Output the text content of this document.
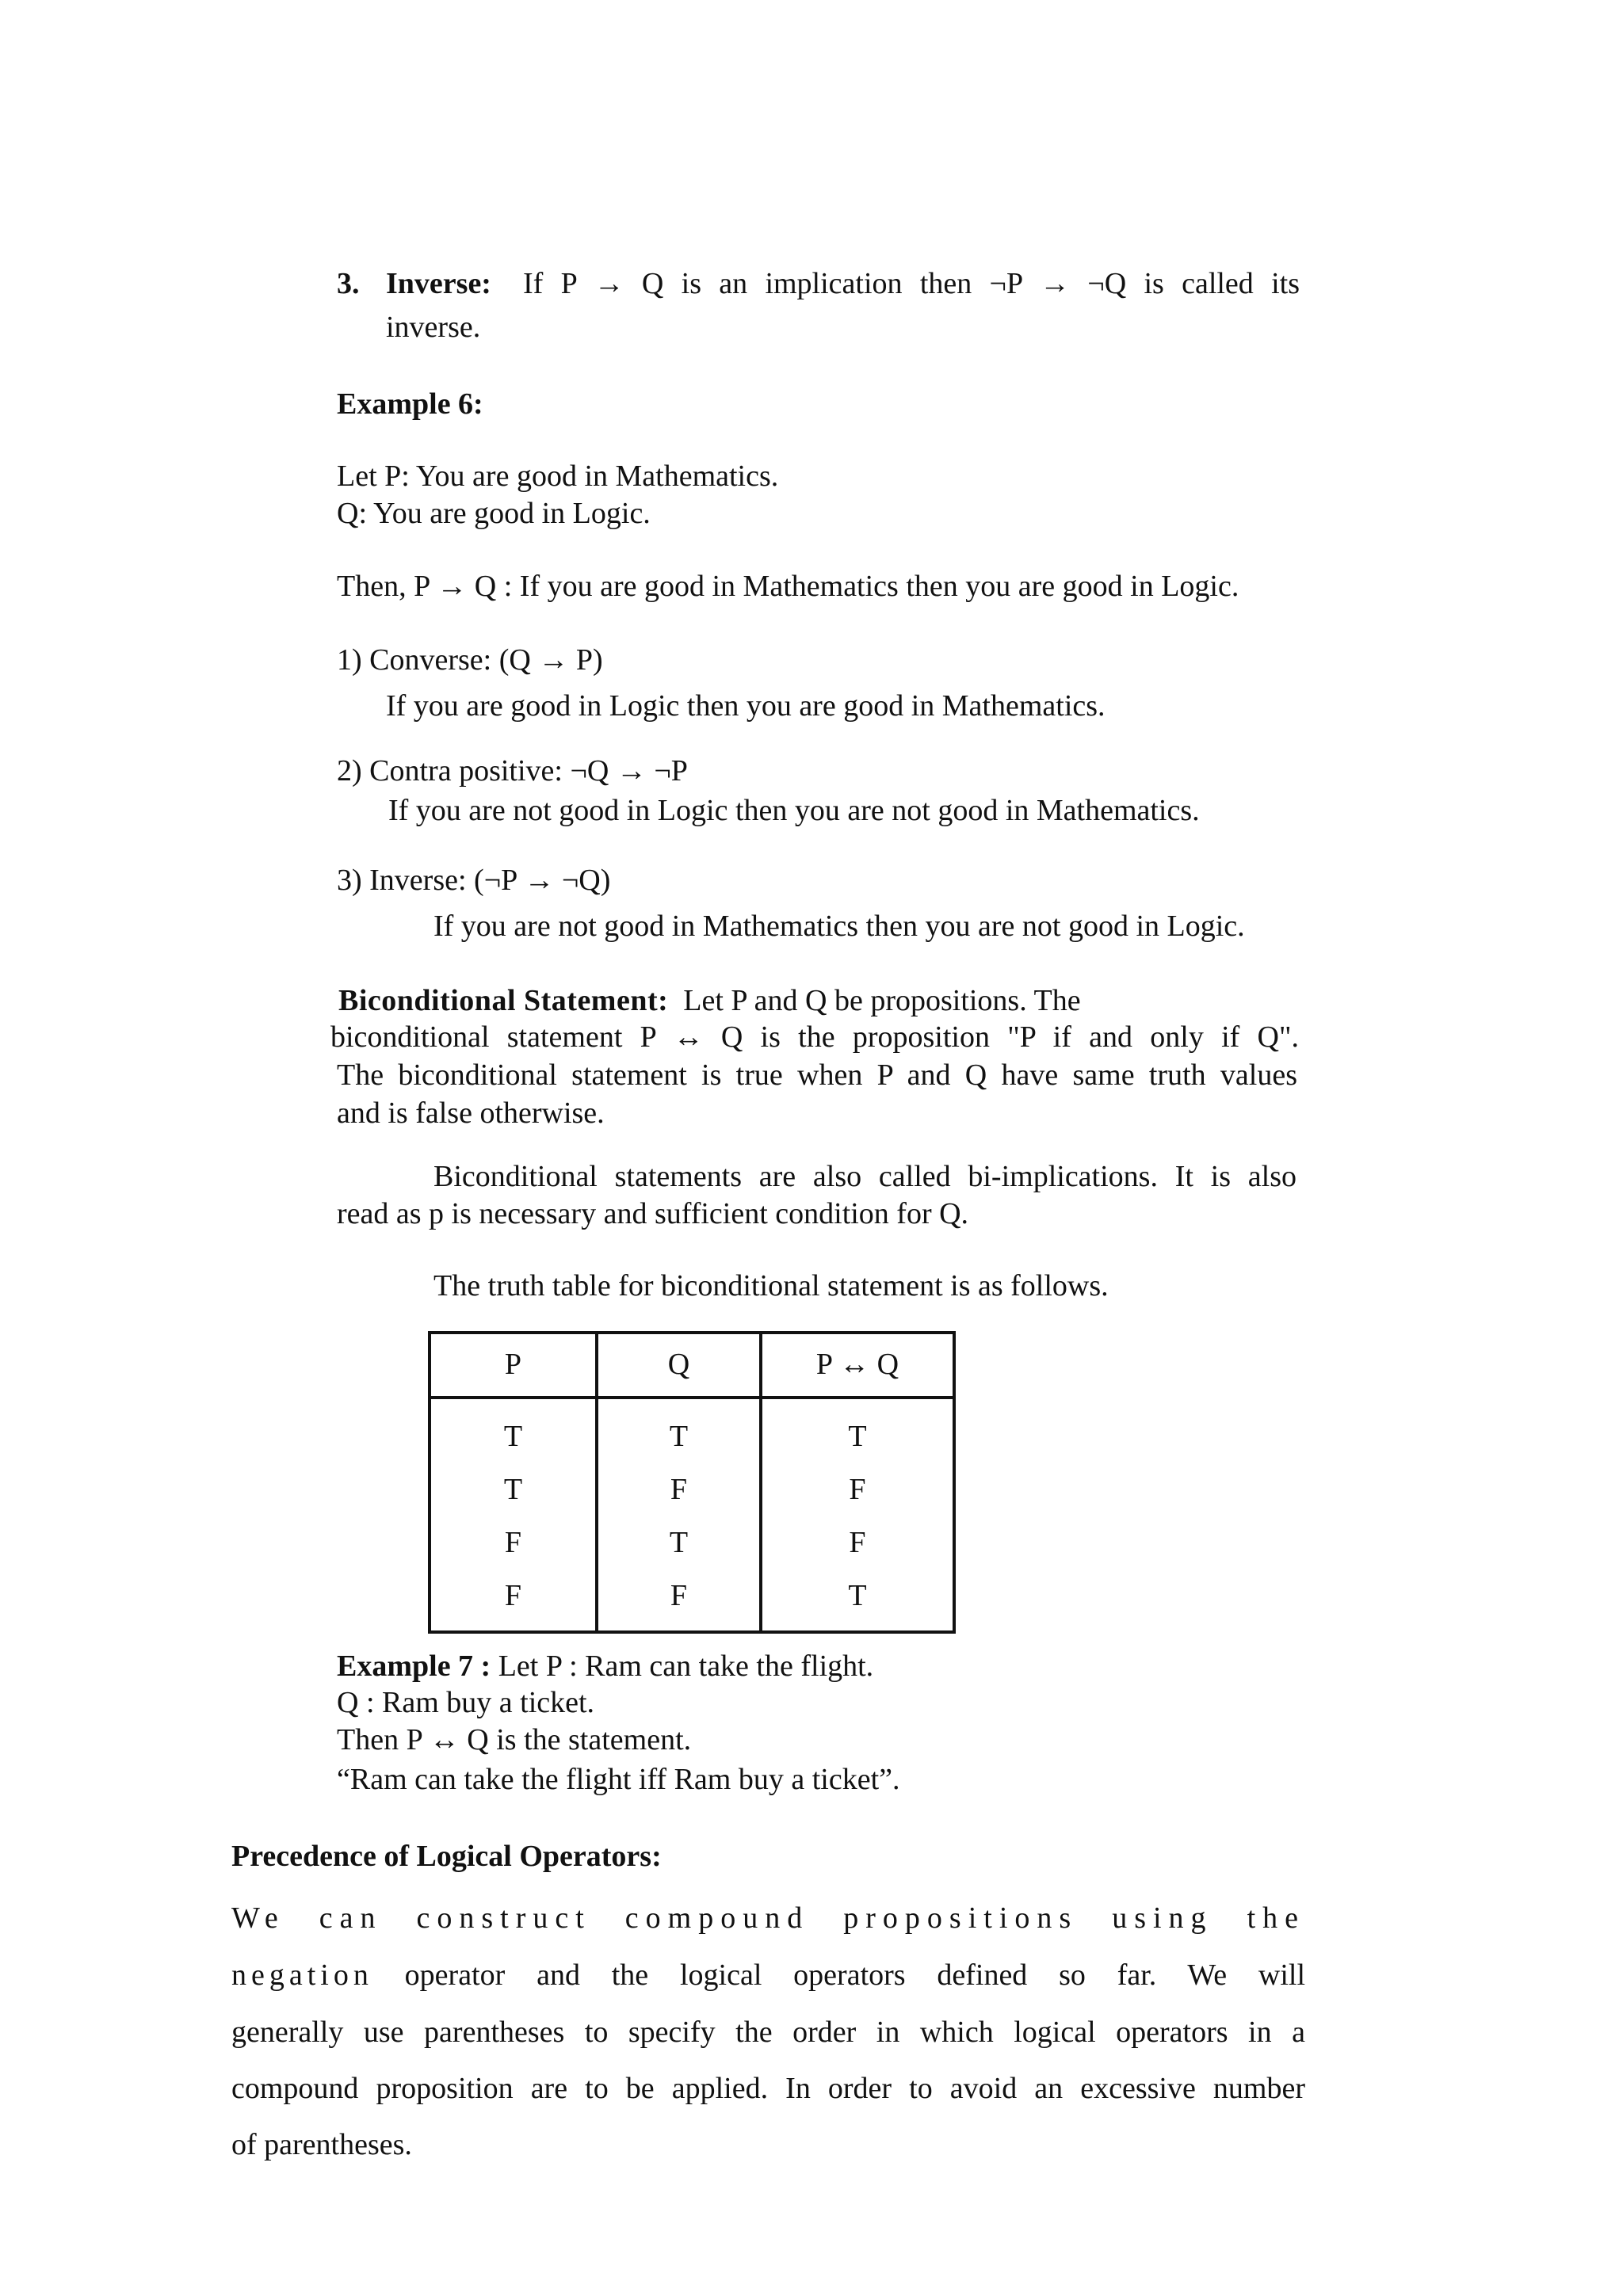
3. Inverse: If P → Q is an implication then ¬P → ¬Q is called its
inverse.
Example 6:
Let P: You are good in Mathematics.
Q: You are good in Logic.
Then, P → Q : If you are good in Mathematics then you are good in Logic.
1) Converse: (Q → P)
If you are good in Logic then you are good in Mathematics.
2) Contra positive: ¬Q → ¬P
If you are not good in Logic then you are not good in Mathematics.
3) Inverse: (¬P → ¬Q)
If you are not good in Mathematics then you are not good in Logic.
Biconditional Statement: Let P and Q be propositions. The
biconditional statement P ↔ Q is the proposition "P if and only if Q".
The biconditional statement is true when P and Q have same truth values
and is false otherwise.
Biconditional statements are also called bi-implications. It is also
read as p is necessary and sufficient condition for Q.
The truth table for biconditional statement is as follows.
P	Q	P ↔ Q
T	T	T
T	F	F
F	T	F
F	F	T
Example 7 : Let P : Ram can take the flight.
Q : Ram buy a ticket.
Then P ↔ Q is the statement.
“Ram can take the flight iff Ram buy a ticket”.
Precedence of Logical Operators:
We can construct compound propositions using the
negation operator and the logical operators defined so far. We will
generally use parentheses to specify the order in which logical operators in a
compound proposition are to be applied. In order to avoid an excessive number
of parentheses.
